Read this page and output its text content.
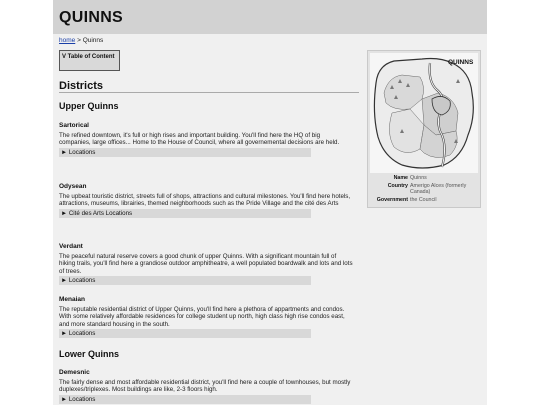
QUINNS
home > Quinns
V Table of Content
Districts
Upper Quinns
Sartorical
The refined downtown, it's full or high rises and important building. You'll find here the HQ of big companies, large offices... Home to the House of Council, where all governemental decisions are held.
► Locations
Odysean
The upbeat touristic district, streets full of shops, attractions and cultural milestones. You'll find here hotels, attractions, museums, librairies, themed neighborhoods such as the Pride Village and the cité des Arts
► Cité des Arts Locations
Verdant
The peaceful natural reserve covers a good chunk of upper Quinns. With a significant mountain full of hiking trails, you'll find here a grandiose outdoor amphitheatre, a well populated boardwalk and lots and lots of trees.
► Locations
Menaian
The reputable residential district of Upper Quinns, you'll find here a plethora of appartments and condos. With some relatively affordable residences for college student up north, high class high rise condos east, and more standard housing in the south.
► Locations
Lower Quinns
Demesnic
The fairly dense and most affordable residential district, you'll find here a couple of townhouses, but mostly duplexes/triplexes. Most buildings are like, 2-3 floors high.
► Locations
QUINNS
Name Quinns
Country Amerigo Alces (formerly Canada)
Government the Council
